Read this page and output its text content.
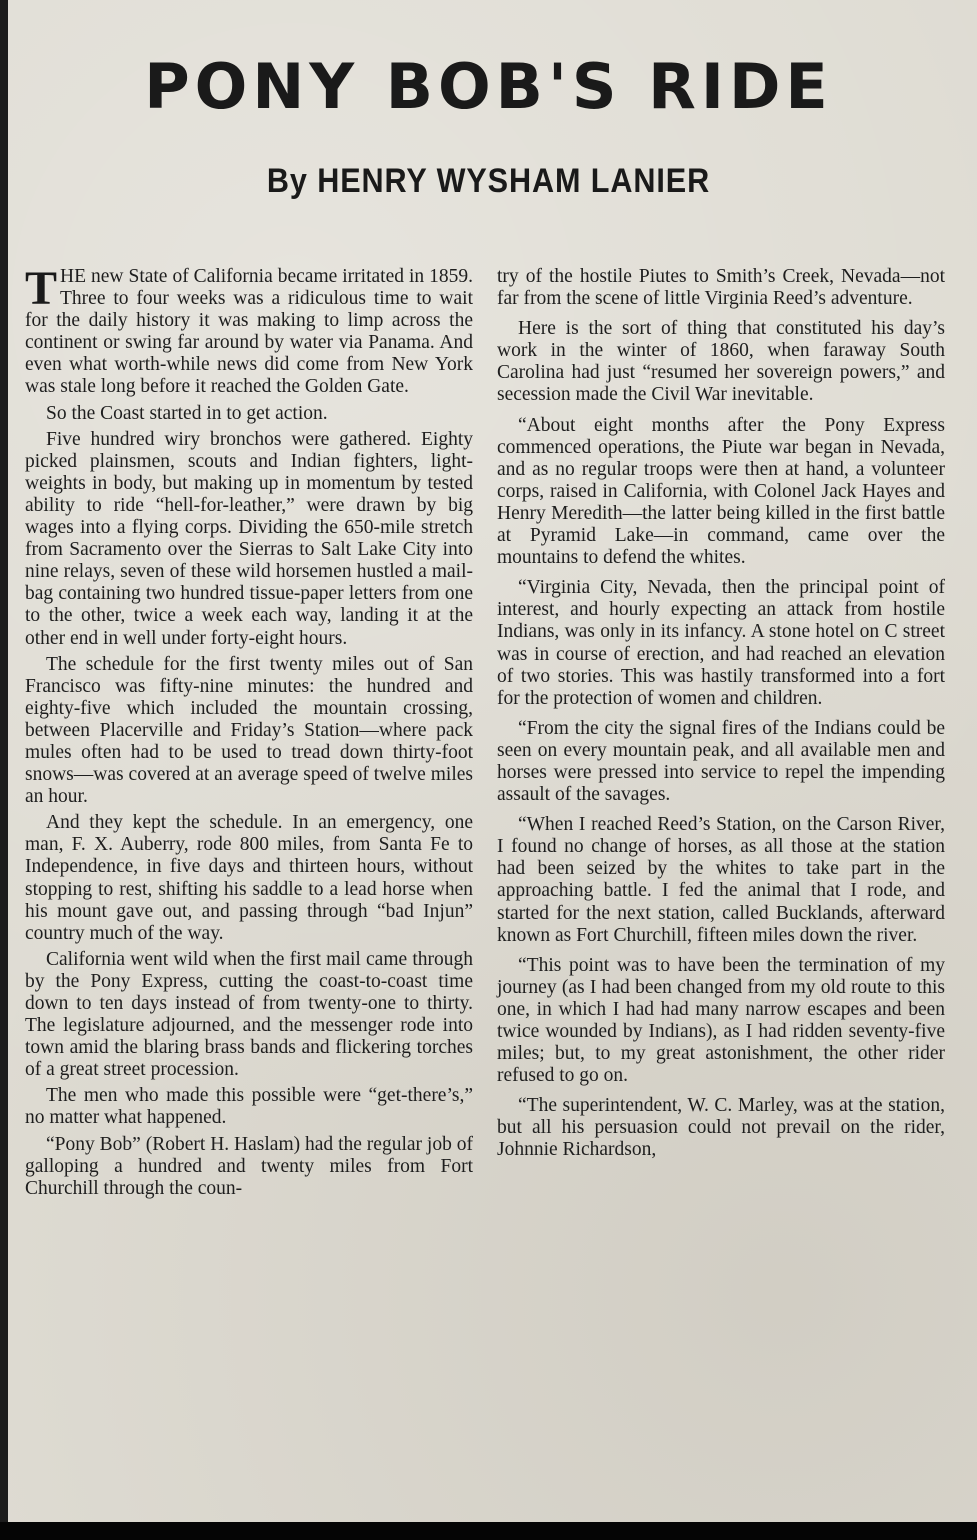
PONY BOB'S RIDE
By HENRY WYSHAM LANIER

THE new State of California became irritated in 1859. Three to four weeks was a ridiculous time to wait for the daily history it was making to limp across the continent or swing far around by water via Panama. And even what worth-while news did come from New York was stale long before it reached the Golden Gate.

So the Coast started in to get action.

Five hundred wiry bronchos were gathered. Eighty picked plainsmen, scouts and Indian fighters, light-weights in body, but making up in momentum by tested ability to ride “hell-for-leather,” were drawn by big wages into a flying corps. Dividing the 650-mile stretch from Sacramento over the Sierras to Salt Lake City into nine relays, seven of these wild horsemen hustled a mail-bag containing two hundred tissue-paper letters from one to the other, twice a week each way, landing it at the other end in well under forty-eight hours.

The schedule for the first twenty miles out of San Francisco was fifty-nine minutes: the hundred and eighty-five which included the mountain crossing, between Placerville and Friday’s Station—where pack mules often had to be used to tread down thirty-foot snows—was covered at an average speed of twelve miles an hour.

And they kept the schedule. In an emergency, one man, F. X. Auberry, rode 800 miles, from Santa Fe to Independence, in five days and thirteen hours, without stopping to rest, shifting his saddle to a lead horse when his mount gave out, and passing through “bad Injun” country much of the way.

California went wild when the first mail came through by the Pony Express, cutting the coast-to-coast time down to ten days instead of from twenty-one to thirty. The legislature adjourned, and the messenger rode into town amid the blaring brass bands and flickering torches of a great street procession.

The men who made this possible were “get-there’s,” no matter what happened.

“Pony Bob” (Robert H. Haslam) had the regular job of galloping a hundred and twenty miles from Fort Churchill through the coun-

try of the hostile Piutes to Smith’s Creek, Nevada—not far from the scene of little Virginia Reed’s adventure.

Here is the sort of thing that constituted his day’s work in the winter of 1860, when faraway South Carolina had just “resumed her sovereign powers,” and secession made the Civil War inevitable.

“About eight months after the Pony Express commenced operations, the Piute war began in Nevada, and as no regular troops were then at hand, a volunteer corps, raised in California, with Colonel Jack Hayes and Henry Meredith—the latter being killed in the first battle at Pyramid Lake—in command, came over the mountains to defend the whites.

“Virginia City, Nevada, then the principal point of interest, and hourly expecting an attack from hostile Indians, was only in its infancy. A stone hotel on C street was in course of erection, and had reached an elevation of two stories. This was hastily transformed into a fort for the protection of women and children.

“From the city the signal fires of the Indians could be seen on every mountain peak, and all available men and horses were pressed into service to repel the impending assault of the savages.

“When I reached Reed’s Station, on the Carson River, I found no change of horses, as all those at the station had been seized by the whites to take part in the approaching battle. I fed the animal that I rode, and started for the next station, called Bucklands, afterward known as Fort Churchill, fifteen miles down the river.

“This point was to have been the termination of my journey (as I had been changed from my old route to this one, in which I had had many narrow escapes and been twice wounded by Indians), as I had ridden seventy-five miles; but, to my great astonishment, the other rider refused to go on.

“The superintendent, W. C. Marley, was at the station, but all his persuasion could not prevail on the rider, Johnnie Richardson,
